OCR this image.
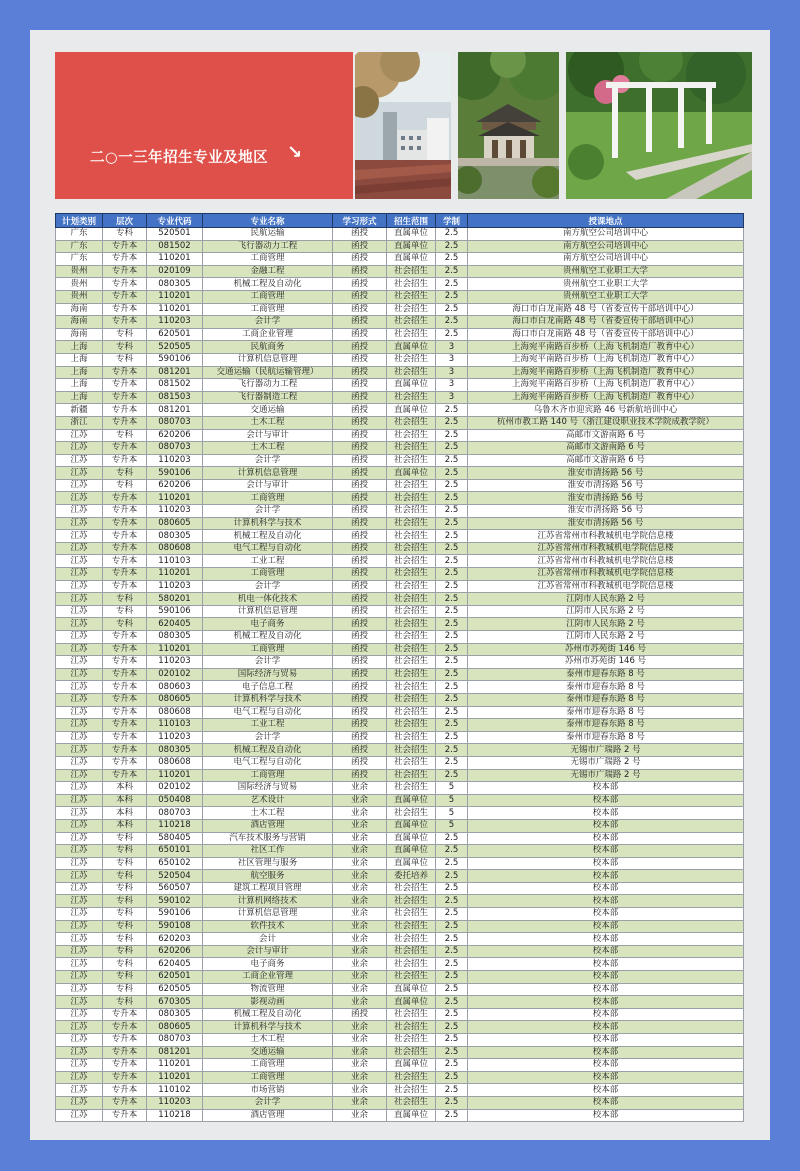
二○一三年招生专业及地区 ↘
计划类别	层次	专业代码	专业名称	学习形式	招生范围	学制	授课地点
广东	专科	520501	民航运输	函授	直属单位	2.5	南方航空公司培训中心
广东	专升本	081502	飞行器动力工程	函授	直属单位	2.5	南方航空公司培训中心
广东	专升本	110201	工商管理	函授	直属单位	2.5	南方航空公司培训中心
贵州	专升本	020109	金融工程	函授	社会招生	2.5	贵州航空工业职工大学
贵州	专升本	080305	机械工程及自动化	函授	社会招生	2.5	贵州航空工业职工大学
贵州	专升本	110201	工商管理	函授	社会招生	2.5	贵州航空工业职工大学
海南	专升本	110201	工商管理	函授	社会招生	2.5	海口市白龙南路 48 号（省委宣传干部培训中心）
海南	专升本	110203	会计学	函授	社会招生	2.5	海口市白龙南路 48 号（省委宣传干部培训中心）
海南	专科	620501	工商企业管理	函授	社会招生	2.5	海口市白龙南路 48 号（省委宣传干部培训中心）
上海	专科	520505	民航商务	函授	直属单位	3	上海宛平南路百步桥（上海飞机制造厂教育中心）
上海	专科	590106	计算机信息管理	函授	社会招生	3	上海宛平南路百步桥（上海飞机制造厂教育中心）
上海	专升本	081201	交通运输（民航运输管理）	函授	社会招生	3	上海宛平南路百步桥（上海飞机制造厂教育中心）
上海	专升本	081502	飞行器动力工程	函授	直属单位	3	上海宛平南路百步桥（上海飞机制造厂教育中心）
上海	专升本	081503	飞行器制造工程	函授	社会招生	3	上海宛平南路百步桥（上海飞机制造厂教育中心）
新疆	专升本	081201	交通运输	函授	直属单位	2.5	乌鲁木齐市迎宾路 46 号新航培训中心
浙江	专升本	080703	土木工程	函授	社会招生	2.5	杭州市教工路 140 号（浙江建设职业技术学院成教学院）
江苏	专科	620206	会计与审计	函授	社会招生	2.5	高邮市文游南路 6 号
江苏	专升本	080703	土木工程	函授	社会招生	2.5	高邮市文游南路 6 号
江苏	专升本	110203	会计学	函授	社会招生	2.5	高邮市文游南路 6 号
江苏	专科	590106	计算机信息管理	函授	直属单位	2.5	淮安市清扬路 56 号
江苏	专科	620206	会计与审计	函授	社会招生	2.5	淮安市清扬路 56 号
江苏	专升本	110201	工商管理	函授	社会招生	2.5	淮安市清扬路 56 号
江苏	专升本	110203	会计学	函授	社会招生	2.5	淮安市清扬路 56 号
江苏	专升本	080605	计算机科学与技术	函授	社会招生	2.5	淮安市清扬路 56 号
江苏	专升本	080305	机械工程及自动化	函授	社会招生	2.5	江苏省常州市科教城机电学院信息楼
江苏	专升本	080608	电气工程与自动化	函授	社会招生	2.5	江苏省常州市科教城机电学院信息楼
江苏	专升本	110103	工业工程	函授	社会招生	2.5	江苏省常州市科教城机电学院信息楼
江苏	专升本	110201	工商管理	函授	社会招生	2.5	江苏省常州市科教城机电学院信息楼
江苏	专升本	110203	会计学	函授	社会招生	2.5	江苏省常州市科教城机电学院信息楼
江苏	专科	580201	机电一体化技术	函授	社会招生	2.5	江阴市人民东路 2 号
江苏	专科	590106	计算机信息管理	函授	社会招生	2.5	江阴市人民东路 2 号
江苏	专科	620405	电子商务	函授	社会招生	2.5	江阴市人民东路 2 号
江苏	专升本	080305	机械工程及自动化	函授	社会招生	2.5	江阴市人民东路 2 号
江苏	专升本	110201	工商管理	函授	社会招生	2.5	苏州市苏苑街 146 号
江苏	专升本	110203	会计学	函授	社会招生	2.5	苏州市苏苑街 146 号
江苏	专升本	020102	国际经济与贸易	函授	社会招生	2.5	泰州市迎春东路 8 号
江苏	专升本	080603	电子信息工程	函授	社会招生	2.5	泰州市迎春东路 8 号
江苏	专升本	080605	计算机科学与技术	函授	社会招生	2.5	泰州市迎春东路 8 号
江苏	专升本	080608	电气工程与自动化	函授	社会招生	2.5	泰州市迎春东路 8 号
江苏	专升本	110103	工业工程	函授	社会招生	2.5	泰州市迎春东路 8 号
江苏	专升本	110203	会计学	函授	社会招生	2.5	泰州市迎春东路 8 号
江苏	专升本	080305	机械工程及自动化	函授	社会招生	2.5	无锡市广瑞路 2 号
江苏	专升本	080608	电气工程与自动化	函授	社会招生	2.5	无锡市广瑞路 2 号
江苏	专升本	110201	工商管理	函授	社会招生	2.5	无锡市广瑞路 2 号
江苏	本科	020102	国际经济与贸易	业余	社会招生	5	校本部
江苏	本科	050408	艺术设计	业余	直属单位	5	校本部
江苏	本科	080703	土木工程	业余	社会招生	5	校本部
江苏	本科	110218	酒店管理	业余	直属单位	5	校本部
江苏	专科	580405	汽车技术服务与营销	业余	直属单位	2.5	校本部
江苏	专科	650101	社区工作	业余	直属单位	2.5	校本部
江苏	专科	650102	社区管理与服务	业余	直属单位	2.5	校本部
江苏	专科	520504	航空服务	业余	委托培养	2.5	校本部
江苏	专科	560507	建筑工程项目管理	业余	社会招生	2.5	校本部
江苏	专科	590102	计算机网络技术	业余	社会招生	2.5	校本部
江苏	专科	590106	计算机信息管理	业余	社会招生	2.5	校本部
江苏	专科	590108	软件技术	业余	社会招生	2.5	校本部
江苏	专科	620203	会计	业余	社会招生	2.5	校本部
江苏	专科	620206	会计与审计	业余	社会招生	2.5	校本部
江苏	专科	620405	电子商务	业余	社会招生	2.5	校本部
江苏	专科	620501	工商企业管理	业余	社会招生	2.5	校本部
江苏	专科	620505	物流管理	业余	直属单位	2.5	校本部
江苏	专科	670305	影视动画	业余	直属单位	2.5	校本部
江苏	专升本	080305	机械工程及自动化	函授	社会招生	2.5	校本部
江苏	专升本	080605	计算机科学与技术	业余	社会招生	2.5	校本部
江苏	专升本	080703	土木工程	业余	社会招生	2.5	校本部
江苏	专升本	081201	交通运输	业余	社会招生	2.5	校本部
江苏	专升本	110201	工商管理	业余	直属单位	2.5	校本部
江苏	专升本	110201	工商管理	业余	社会招生	2.5	校本部
江苏	专升本	110102	市场营销	业余	社会招生	2.5	校本部
江苏	专升本	110203	会计学	业余	社会招生	2.5	校本部
江苏	专升本	110218	酒店管理	业余	直属单位	2.5	校本部
